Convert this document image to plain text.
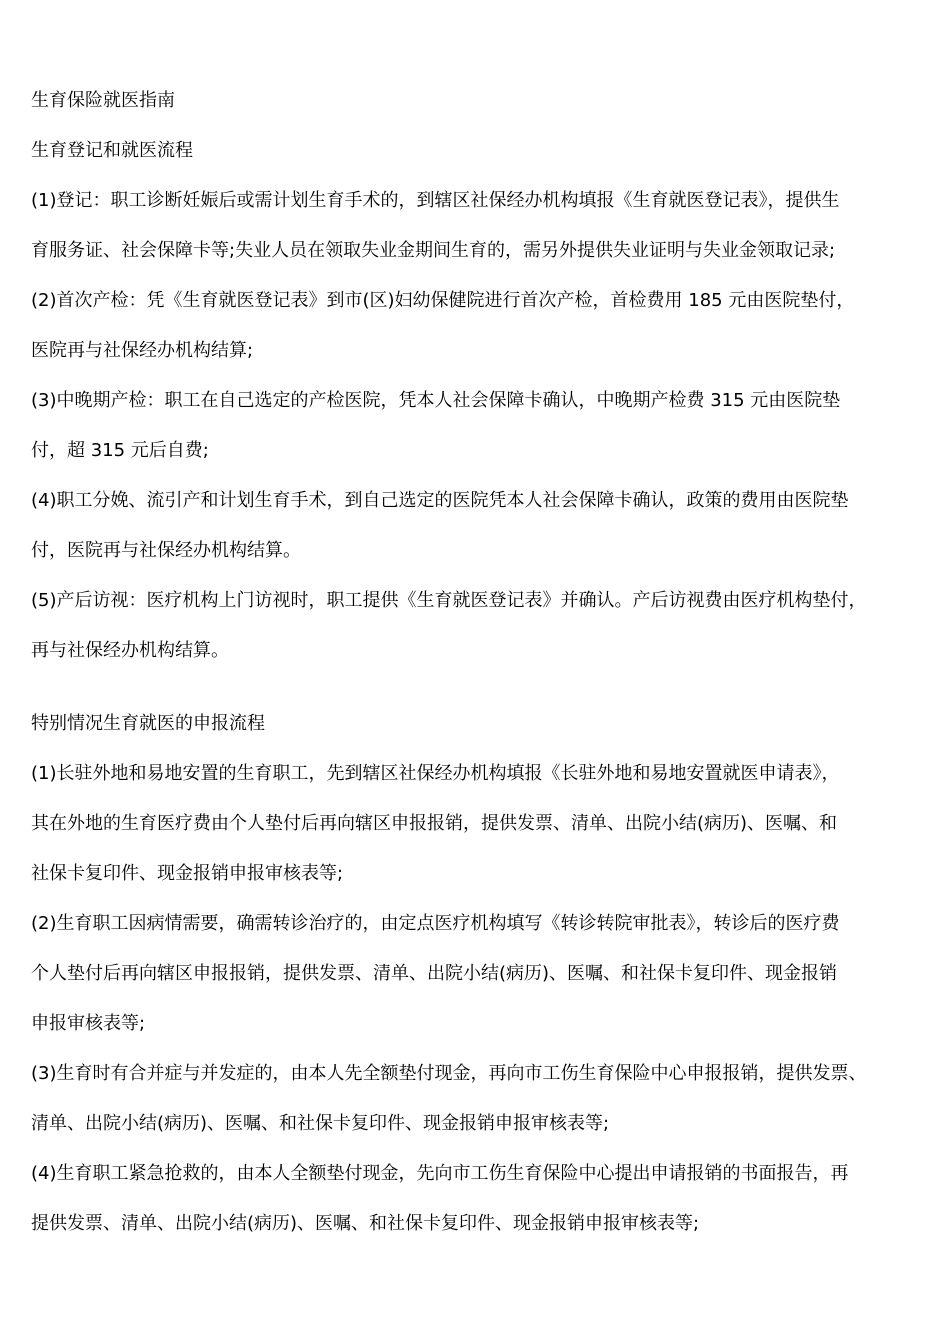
生育保险就医指南
生育登记和就医流程
(1)登记：职工诊断妊娠后或需计划生育手术的，到辖区社保经办机构填报《生育就医登记表》，提供生
育服务证、社会保障卡等;失业人员在领取失业金期间生育的，需另外提供失业证明与失业金领取记录;
(2)首次产检：凭《生育就医登记表》到市(区)妇幼保健院进行首次产检，首检费用 185 元由医院垫付，
医院再与社保经办机构结算;
(3)中晚期产检：职工在自己选定的产检医院，凭本人社会保障卡确认，中晚期产检费 315 元由医院垫
付，超 315 元后自费;
(4)职工分娩、流引产和计划生育手术，到自己选定的医院凭本人社会保障卡确认，政策的费用由医院垫
付，医院再与社保经办机构结算。
(5)产后访视：医疗机构上门访视时，职工提供《生育就医登记表》并确认。产后访视费由医疗机构垫付，
再与社保经办机构结算。
特别情况生育就医的申报流程
(1)长驻外地和易地安置的生育职工，先到辖区社保经办机构填报《长驻外地和易地安置就医申请表》，
其在外地的生育医疗费由个人垫付后再向辖区申报报销，提供发票、清单、出院小结(病历)、医嘱、和
社保卡复印件、现金报销申报审核表等;
(2)生育职工因病情需要，确需转诊治疗的，由定点医疗机构填写《转诊转院审批表》，转诊后的医疗费
个人垫付后再向辖区申报报销，提供发票、清单、出院小结(病历)、医嘱、和社保卡复印件、现金报销
申报审核表等;
(3)生育时有合并症与并发症的，由本人先全额垫付现金，再向市工伤生育保险中心申报报销，提供发票、
清单、出院小结(病历)、医嘱、和社保卡复印件、现金报销申报审核表等;
(4)生育职工紧急抢救的，由本人全额垫付现金，先向市工伤生育保险中心提出申请报销的书面报告，再
提供发票、清单、出院小结(病历)、医嘱、和社保卡复印件、现金报销申报审核表等;
